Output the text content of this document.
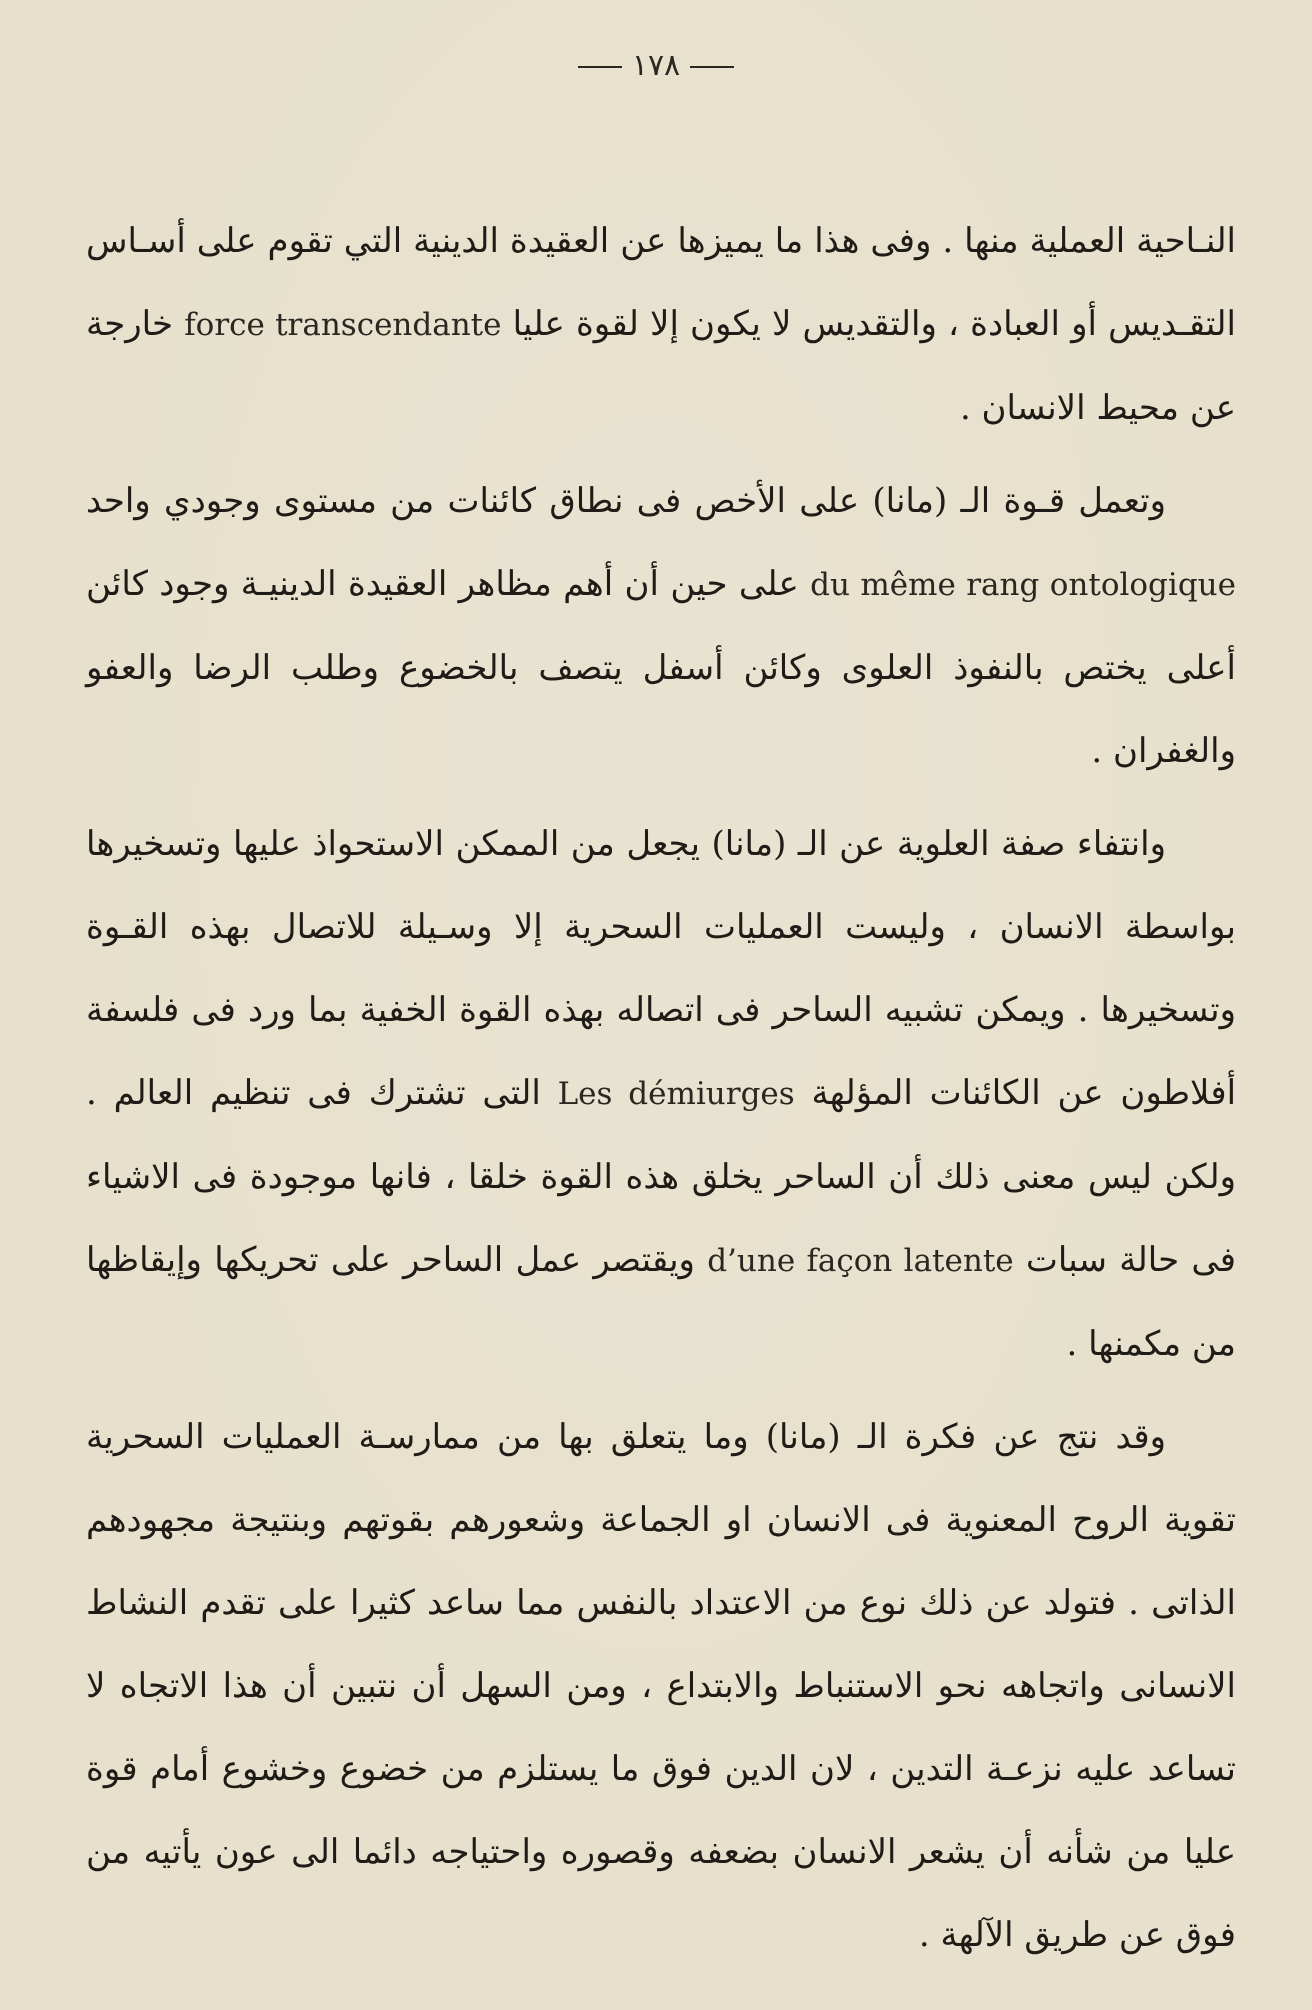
١٧٨

النـاحية العملية منها . وفى هذا ما يميزها عن العقيدة الدينية التي تقوم على أسـاس التقـديس أو العبادة ، والتقديس لا يكون إلا لقوة عليا force transcendante خارجة عن محيط الانسان .

وتعمل قـوة الـ (مانا) على الأخص فى نطاق كائنات من مستوى وجودي واحد du même rang ontologique على حين أن أهم مظاهر العقيدة الدينيـة وجود كائن أعلى يختص بالنفوذ العلوى وكائن أسفل يتصف بالخضوع وطلب الرضا والعفو والغفران .

وانتفاء صفة العلوية عن الـ (مانا) يجعل من الممكن الاستحواذ عليها وتسخيرها بواسطة الانسان ، وليست العمليات السحرية إلا وسـيلة للاتصال بهذه القـوة وتسخيرها . ويمكن تشبيه الساحر فى اتصاله بهذه القوة الخفية بما ورد فى فلسفة أفلاطون عن الكائنات المؤلهة Les démiurges التى تشترك فى تنظيم العالم . ولكن ليس معنى ذلك أن الساحر يخلق هذه القوة خلقا ، فانها موجودة فى الاشياء فى حالة سبات d’une façon latente ويقتصر عمل الساحر على تحريكها وإيقاظها من مكمنها .

وقد نتج عن فكرة الـ (مانا) وما يتعلق بها من ممارسـة العمليات السحرية تقوية الروح المعنوية فى الانسان او الجماعة وشعورهم بقوتهم وبنتيجة مجهودهم الذاتى . فتولد عن ذلك نوع من الاعتداد بالنفس مما ساعد كثيرا على تقدم النشاط الانسانى واتجاهه نحو الاستنباط والابتداع ، ومن السهل أن نتبين أن هذا الاتجاه لا تساعد عليه نزعـة التدين ، لان الدين فوق ما يستلزم من خضوع وخشوع أمام قوة عليا من شأنه أن يشعر الانسان بضعفه وقصوره واحتياجه دائما الى عون يأتيه من فوق عن طريق الآلهة .
